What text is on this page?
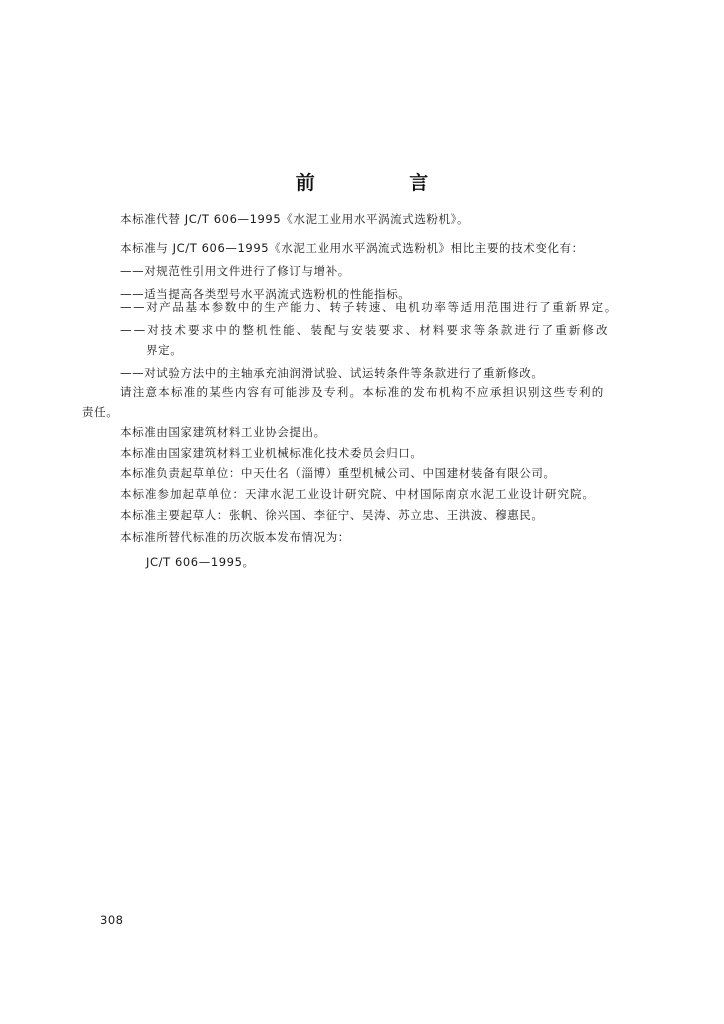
前 言
本标准代替 JC/T 606—1995《水泥工业用水平涡流式选粉机》。
本标准与 JC/T 606—1995《水泥工业用水平涡流式选粉机》相比主要的技术变化有：
——对规范性引用文件进行了修订与增补。
——适当提高各类型号水平涡流式选粉机的性能指标。
——对产品基本参数中的生产能力、转子转速、电机功率等适用范围进行了重新界定。
——对技术要求中的整机性能、装配与安装要求、材料要求等条款进行了重新修改
界定。
——对试验方法中的主轴承充油润滑试验、试运转条件等条款进行了重新修改。
请注意本标准的某些内容有可能涉及专利。本标准的发布机构不应承担识别这些专利的
责任。
本标准由国家建筑材料工业协会提出。
本标准由国家建筑材料工业机械标准化技术委员会归口。
本标准负责起草单位：中天仕名（淄博）重型机械公司、中国建材装备有限公司。
本标准参加起草单位：天津水泥工业设计研究院、中材国际南京水泥工业设计研究院。
本标准主要起草人：张帆、徐兴国、李征宁、吴涛、苏立忠、王洪波、穆惠民。
本标准所替代标准的历次版本发布情况为：
JC/T 606—1995。
308
